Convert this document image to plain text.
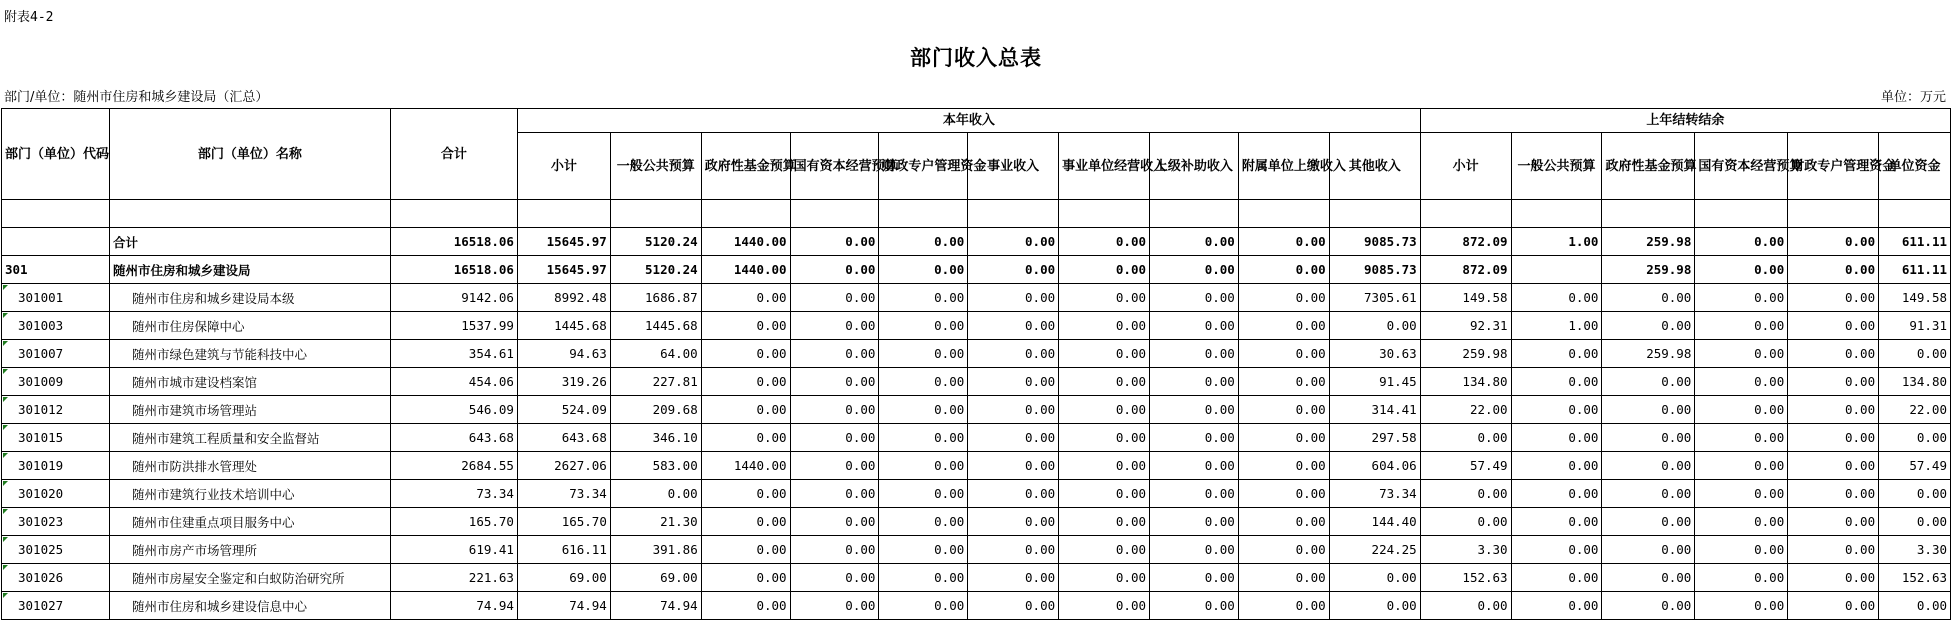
附表4-2
部门收入总表
部门/单位：随州市住房和城乡建设局（汇总）	单位：万元
部门（单位）代码	部门（单位）名称	合计	本年收入										上年结转结余					
			小计	一般公共预算	政府性基金预算	国有资本经营预算	财政专户管理资金	事业收入	事业单位经营收入	上级补助收入	附属单位上缴收入	其他收入	小计	一般公共预算	政府性基金预算	国有资本经营预算	财政专户管理资金	单位资金

	合计	16518.06	15645.97	5120.24	1440.00	0.00	0.00	0.00	0.00	0.00	0.00	9085.73	872.09	1.00	259.98	0.00	0.00	611.11
301	随州市住房和城乡建设局	16518.06	15645.97	5120.24	1440.00	0.00	0.00	0.00	0.00	0.00	0.00	9085.73	872.09		259.98	0.00	0.00	611.11
301001	随州市住房和城乡建设局本级	9142.06	8992.48	1686.87	0.00	0.00	0.00	0.00	0.00	0.00	0.00	7305.61	149.58	0.00	0.00	0.00	0.00	149.58
301003	随州市住房保障中心	1537.99	1445.68	1445.68	0.00	0.00	0.00	0.00	0.00	0.00	0.00	0.00	92.31	1.00	0.00	0.00	0.00	91.31
301007	随州市绿色建筑与节能科技中心	354.61	94.63	64.00	0.00	0.00	0.00	0.00	0.00	0.00	0.00	30.63	259.98	0.00	259.98	0.00	0.00	0.00
301009	随州市城市建设档案馆	454.06	319.26	227.81	0.00	0.00	0.00	0.00	0.00	0.00	0.00	91.45	134.80	0.00	0.00	0.00	0.00	134.80
301012	随州市建筑市场管理站	546.09	524.09	209.68	0.00	0.00	0.00	0.00	0.00	0.00	0.00	314.41	22.00	0.00	0.00	0.00	0.00	22.00
301015	随州市建筑工程质量和安全监督站	643.68	643.68	346.10	0.00	0.00	0.00	0.00	0.00	0.00	0.00	297.58	0.00	0.00	0.00	0.00	0.00	0.00
301019	随州市防洪排水管理处	2684.55	2627.06	583.00	1440.00	0.00	0.00	0.00	0.00	0.00	0.00	604.06	57.49	0.00	0.00	0.00	0.00	57.49
301020	随州市建筑行业技术培训中心	73.34	73.34	0.00	0.00	0.00	0.00	0.00	0.00	0.00	0.00	73.34	0.00	0.00	0.00	0.00	0.00	0.00
301023	随州市住建重点项目服务中心	165.70	165.70	21.30	0.00	0.00	0.00	0.00	0.00	0.00	0.00	144.40	0.00	0.00	0.00	0.00	0.00	0.00
301025	随州市房产市场管理所	619.41	616.11	391.86	0.00	0.00	0.00	0.00	0.00	0.00	0.00	224.25	3.30	0.00	0.00	0.00	0.00	3.30
301026	随州市房屋安全鉴定和白蚁防治研究所	221.63	69.00	69.00	0.00	0.00	0.00	0.00	0.00	0.00	0.00	0.00	152.63	0.00	0.00	0.00	0.00	152.63
301027	随州市住房和城乡建设信息中心	74.94	74.94	74.94	0.00	0.00	0.00	0.00	0.00	0.00	0.00	0.00	0.00	0.00	0.00	0.00	0.00	0.00
